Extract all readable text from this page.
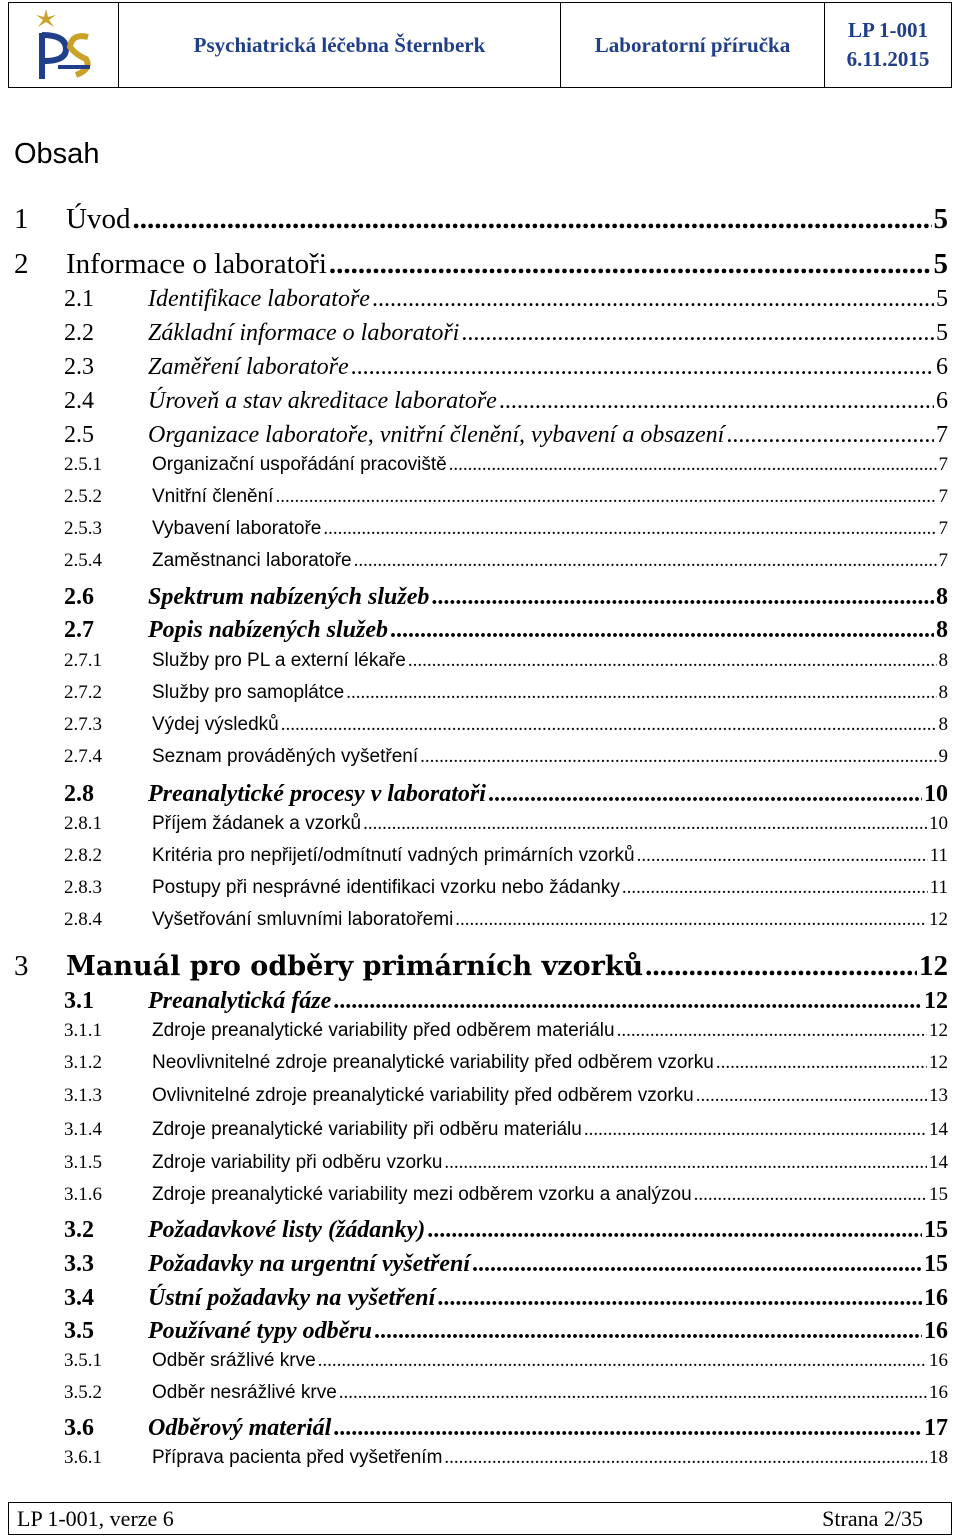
Psychiatrická léčebna Šternberk	Laboratorní příručka
LP 1-001
6.11.2015
Obsah
1 Úvod .....	5
2 Informace o laboratoři .....	5
2.1 Identifikace laboratoře .....	5
2.2 Základní informace o laboratoři .....	5
2.3 Zaměření laboratoře .....	6
2.4 Úroveň a stav akreditace laboratoře .....	6
2.5 Organizace laboratoře, vnitřní členění, vybavení a obsazení .....	7
2.5.1	Organizační uspořádání pracoviště .....	7
2.5.2	Vnitřní členění .....	7
2.5.3	Vybavení laboratoře .....	7
2.5.4	Zaměstnanci laboratoře .....	7
2.6 Spektrum nabízených služeb .....	8
2.7 Popis nabízených služeb .....	8
2.7.1	Služby pro PL a externí lékaře .....	8
2.7.2	Služby pro samoplátce .....	8
2.7.3	Výdej výsledků .....	8
2.7.4	Seznam prováděných vyšetření .....	9
2.8 Preanalytické procesy v laboratoři .....	10
2.8.1	Příjem žádanek a vzorků .....	10
2.8.2	Kritéria pro nepřijetí/odmítnutí vadných primárních vzorků .....	11
2.8.3	Postupy při nesprávné identifikaci vzorku nebo žádanky .....	11
2.8.4	Vyšetřování smluvními laboratořemi .....	12
3 Manuál pro odběry primárních vzorků .....	12
3.1 Preanalytická fáze .....	12
3.1.1	Zdroje preanalytické variability před odběrem materiálu .....	12
3.1.2	Neovlivnitelné zdroje preanalytické variability před odběrem vzorku .....	12
3.1.3	Ovlivnitelné zdroje preanalytické variability před odběrem vzorku .....	13
3.1.4	Zdroje preanalytické variability při odběru materiálu .....	14
3.1.5	Zdroje variability při odběru vzorku .....	14
3.1.6	Zdroje preanalytické variability mezi odběrem vzorku a analýzou .....	15
3.2 Požadavkové listy (žádanky) .....	15
3.3 Požadavky na urgentní vyšetření .....	15
3.4 Ústní požadavky na vyšetření .....	16
3.5 Používané typy odběru .....	16
3.5.1	Odběr srážlivé krve .....	16
3.5.2	Odběr nesrážlivé krve .....	16
3.6 Odběrový materiál .....	17
3.6.1	Příprava pacienta před vyšetřením .....	18
LP 1-001, verze 6	Strana 2/35
